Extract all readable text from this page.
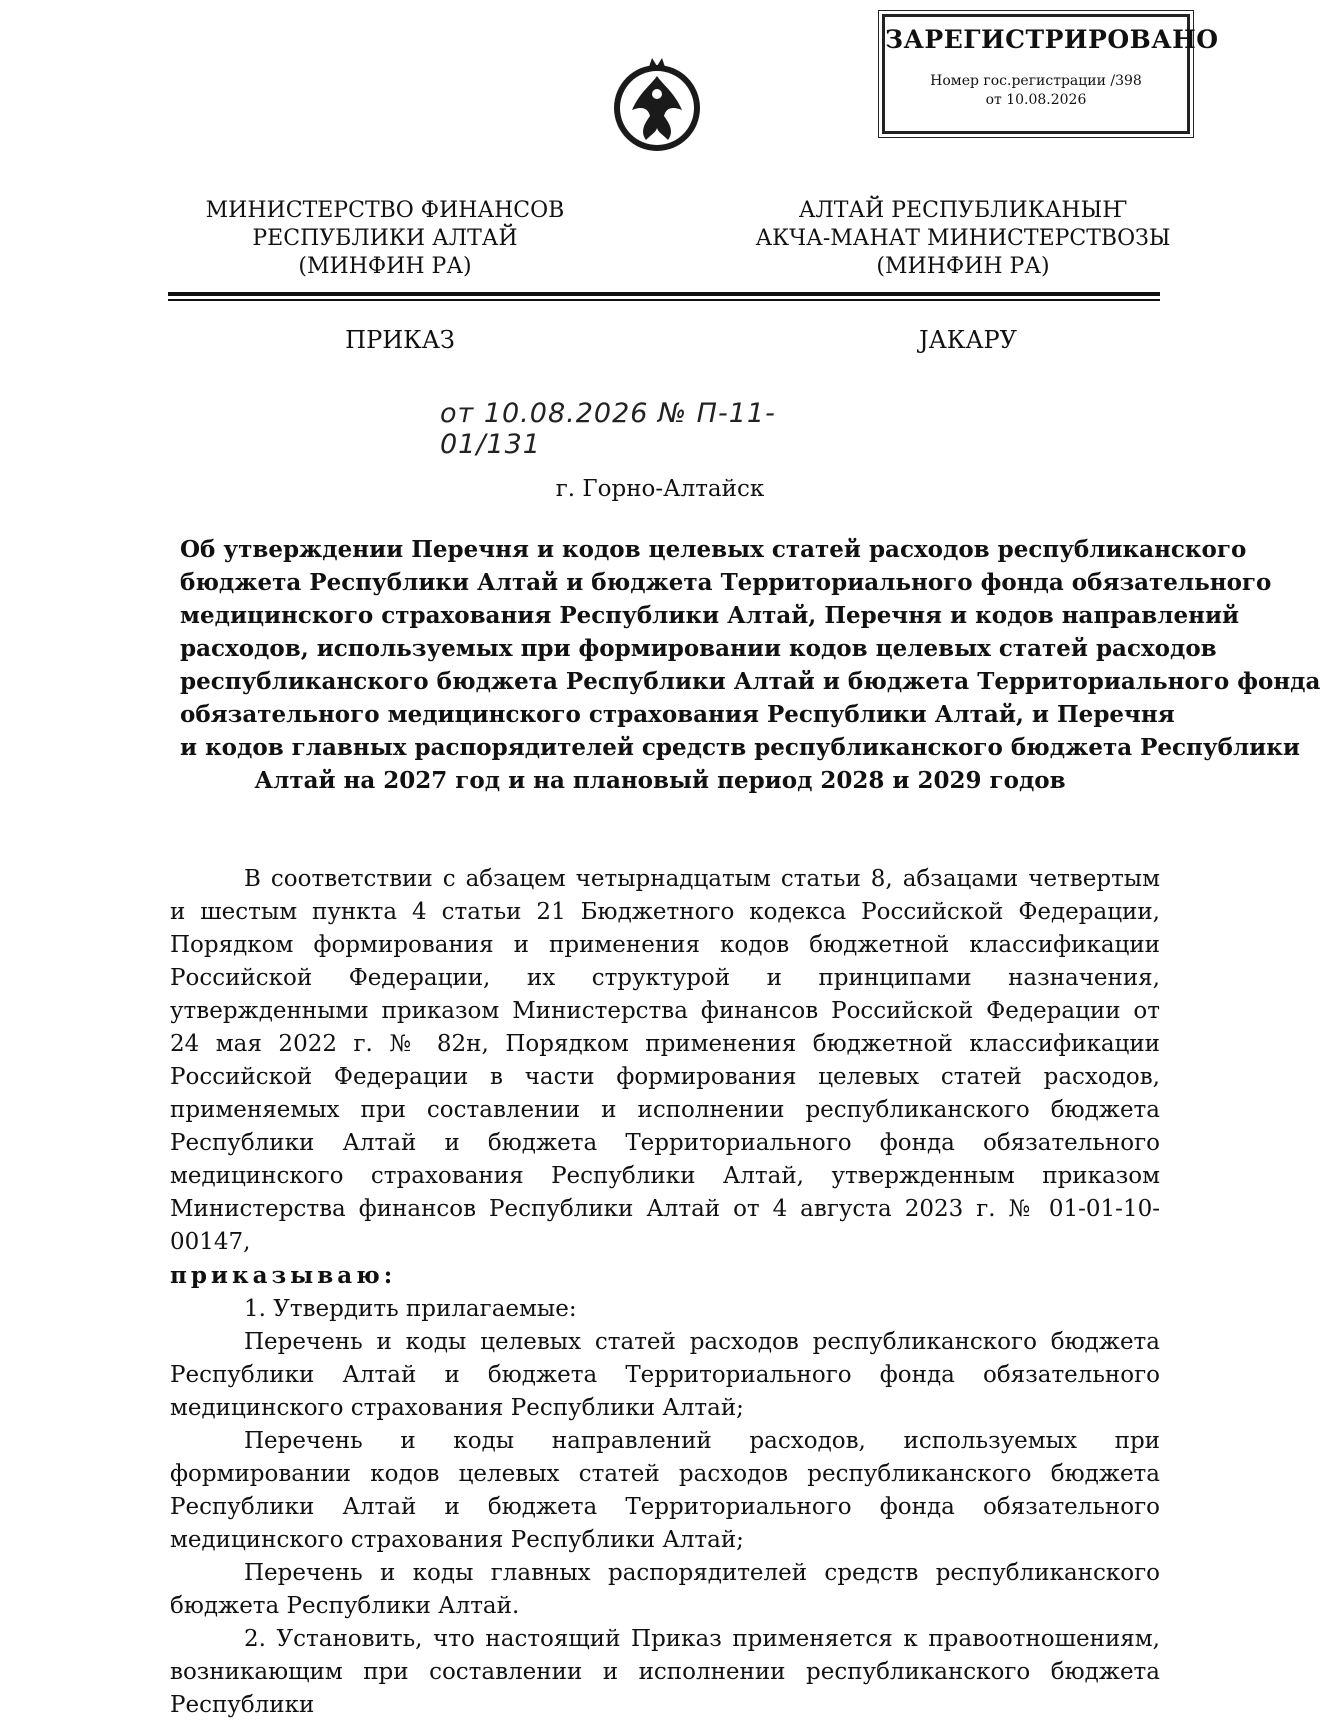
ЗАРЕГИСТРИРОВАНО
Номер гос.регистрации /398
от 10.08.2026
МИНИСТЕРСТВО ФИНАНСОВ
РЕСПУБЛИКИ АЛТАЙ
(МИНФИН РА)
АЛТАЙ РЕСПУБЛИКАНЫҤ
АКЧА-МАНАТ МИНИСТЕРСТВОЗЫ
(МИНФИН РА)
ПРИКАЗ	JАКАРУ
от 10.08.2026 № П-11-01/131
г. Горно-Алтайск
Об утверждении Перечня и кодов целевых статей расходов республиканского
бюджета Республики Алтай и бюджета Территориального фонда обязательного
медицинского страхования Республики Алтай, Перечня и кодов направлений
расходов, используемых при формировании кодов целевых статей расходов
республиканского бюджета Республики Алтай и бюджета Территориального фонда
обязательного медицинского страхования Республики Алтай, и Перечня
и кодов главных распорядителей средств республиканского бюджета Республики
Алтай на 2027 год и на плановый период 2028 и 2029 годов

В соответствии с абзацем четырнадцатым статьи 8, абзацами четвертым и шестым пункта 4 статьи 21 Бюджетного кодекса Российской Федерации, Порядком формирования и применения кодов бюджетной классификации Российской Федерации, их структурой и принципами назначения, утвержденными приказом Министерства финансов Российской Федерации от 24 мая 2022 г. № 82н, Порядком применения бюджетной классификации Российской Федерации в части формирования целевых статей расходов, применяемых при составлении и исполнении республиканского бюджета Республики Алтай и бюджета Территориального фонда обязательного медицинского страхования Республики Алтай, утвержденным приказом Министерства финансов Республики Алтай от 4 августа 2023 г. № 01-01-10-00147,

приказываю:

1. Утвердить прилагаемые:

Перечень и коды целевых статей расходов республиканского бюджета Республики Алтай и бюджета Территориального фонда обязательного медицинского страхования Республики Алтай;

Перечень и коды направлений расходов, используемых при формировании кодов целевых статей расходов республиканского бюджета Республики Алтай и бюджета Территориального фонда обязательного медицинского страхования Республики Алтай;

Перечень и коды главных распорядителей средств республиканского бюджета Республики Алтай.

2. Установить, что настоящий Приказ применяется к правоотношениям, возникающим при составлении и исполнении республиканского бюджета Республики
